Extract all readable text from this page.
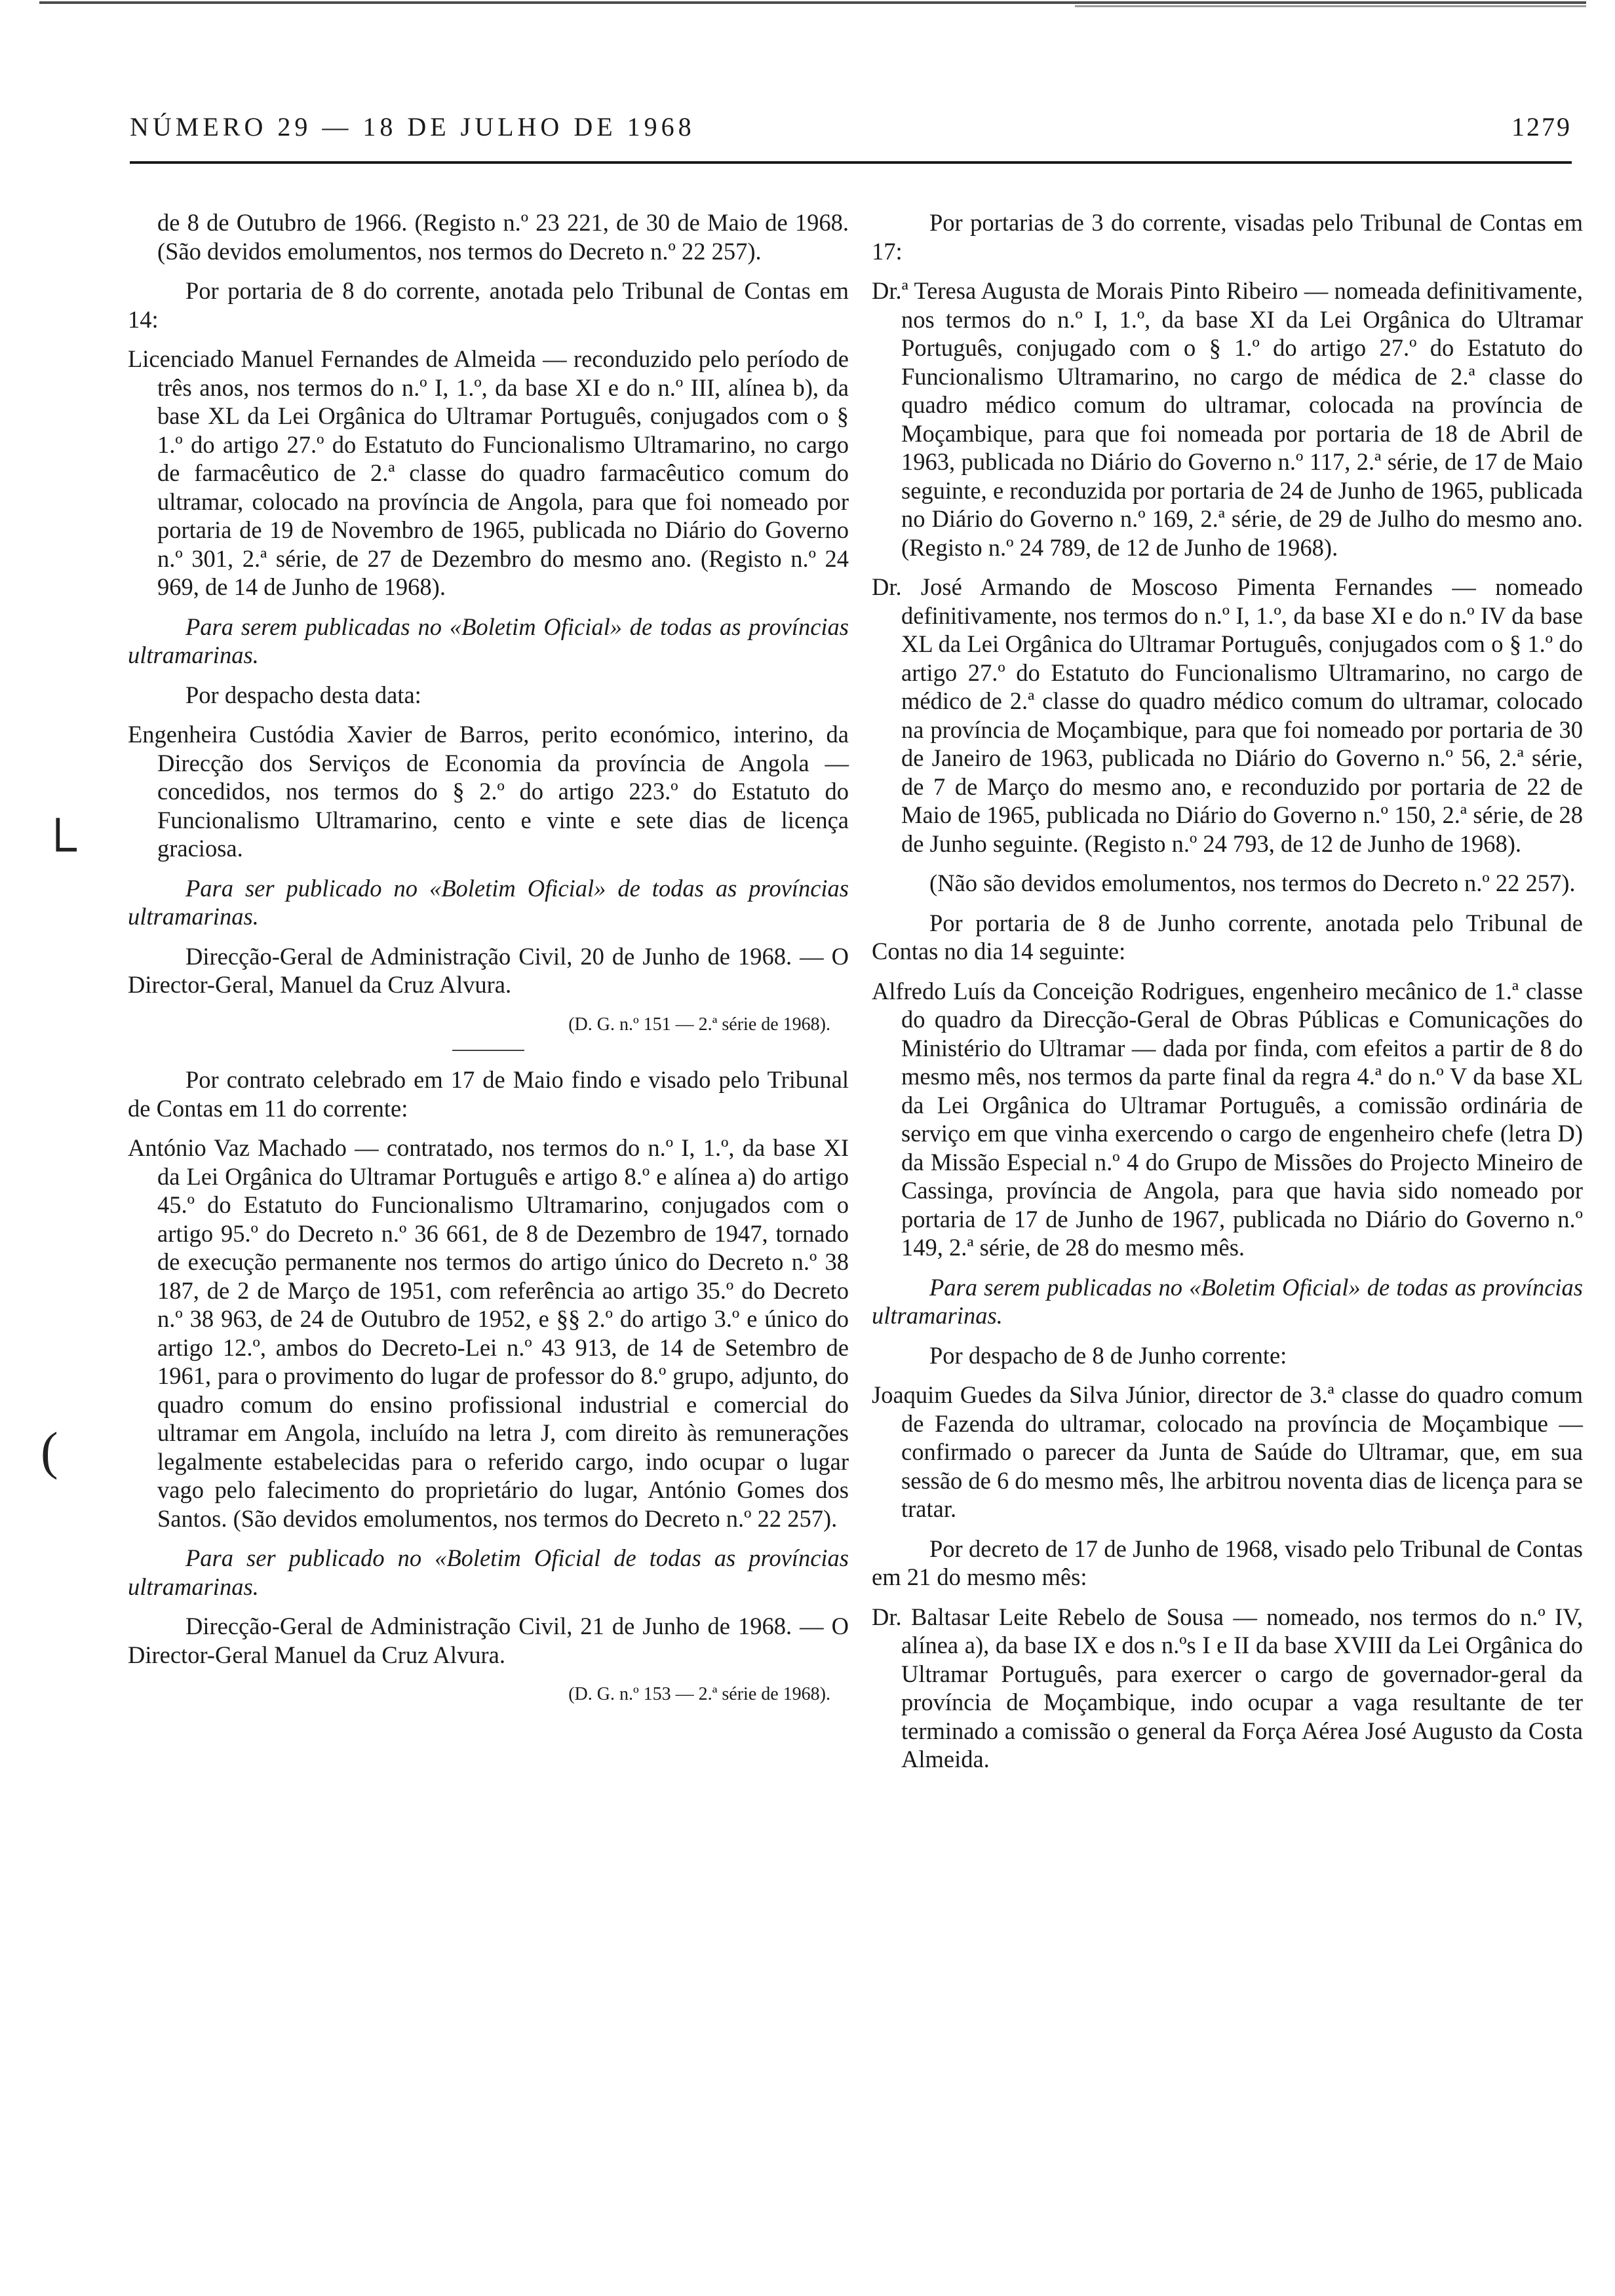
NÚMERO 29 — 18 DE JULHO DE 1968	1279
└
(

de 8 de Outubro de 1966. (Registo n.º 23 221, de 30 de Maio de 1968. (São devidos emolumentos, nos termos do Decreto n.º 22 257).

Por portaria de 8 do corrente, anotada pelo Tribunal de Contas em 14:

Licenciado Manuel Fernandes de Almeida — reconduzido pelo período de três anos, nos termos do n.º I, 1.º, da base XI e do n.º III, alínea b), da base XL da Lei Orgânica do Ultramar Português, conjugados com o § 1.º do artigo 27.º do Estatuto do Funcionalismo Ultramarino, no cargo de farmacêutico de 2.ª classe do quadro farmacêutico comum do ultramar, colocado na província de Angola, para que foi nomeado por portaria de 19 de Novembro de 1965, publicada no Diário do Governo n.º 301, 2.ª série, de 27 de Dezembro do mesmo ano. (Registo n.º 24 969, de 14 de Junho de 1968).

Para serem publicadas no «Boletim Oficial» de todas as províncias ultramarinas.

Por despacho desta data:

Engenheira Custódia Xavier de Barros, perito económico, interino, da Direcção dos Serviços de Economia da província de Angola — concedidos, nos termos do § 2.º do artigo 223.º do Estatuto do Funcionalismo Ultramarino, cento e vinte e sete dias de licença graciosa.

Para ser publicado no «Boletim Oficial» de todas as províncias ultramarinas.

Direcção-Geral de Administração Civil, 20 de Junho de 1968. — O Director-Geral, Manuel da Cruz Alvura.

(D. G. n.º 151 — 2.ª série de 1968).

Por contrato celebrado em 17 de Maio findo e visado pelo Tribunal de Contas em 11 do corrente:

António Vaz Machado — contratado, nos termos do n.º I, 1.º, da base XI da Lei Orgânica do Ultramar Português e artigo 8.º e alínea a) do artigo 45.º do Estatuto do Funcionalismo Ultramarino, conjugados com o artigo 95.º do Decreto n.º 36 661, de 8 de Dezembro de 1947, tornado de execução permanente nos termos do artigo único do Decreto n.º 38 187, de 2 de Março de 1951, com referência ao artigo 35.º do Decreto n.º 38 963, de 24 de Outubro de 1952, e §§ 2.º do artigo 3.º e único do artigo 12.º, ambos do Decreto-Lei n.º 43 913, de 14 de Setembro de 1961, para o provimento do lugar de professor do 8.º grupo, adjunto, do quadro comum do ensino profissional industrial e comercial do ultramar em Angola, incluído na letra J, com direito às remunerações legalmente estabelecidas para o referido cargo, indo ocupar o lugar vago pelo falecimento do proprietário do lugar, António Gomes dos Santos. (São devidos emolumentos, nos termos do Decreto n.º 22 257).

Para ser publicado no «Boletim Oficial de todas as províncias ultramarinas.

Direcção-Geral de Administração Civil, 21 de Junho de 1968. — O Director-Geral Manuel da Cruz Alvura.

(D. G. n.º 153 — 2.ª série de 1968).

Por portarias de 3 do corrente, visadas pelo Tribunal de Contas em 17:

Dr.ª Teresa Augusta de Morais Pinto Ribeiro — nomeada definitivamente, nos termos do n.º I, 1.º, da base XI da Lei Orgânica do Ultramar Português, conjugado com o § 1.º do artigo 27.º do Estatuto do Funcionalismo Ultramarino, no cargo de médica de 2.ª classe do quadro médico comum do ultramar, colocada na província de Moçambique, para que foi nomeada por portaria de 18 de Abril de 1963, publicada no Diário do Governo n.º 117, 2.ª série, de 17 de Maio seguinte, e reconduzida por portaria de 24 de Junho de 1965, publicada no Diário do Governo n.º 169, 2.ª série, de 29 de Julho do mesmo ano. (Registo n.º 24 789, de 12 de Junho de 1968).

Dr. José Armando de Moscoso Pimenta Fernandes — nomeado definitivamente, nos termos do n.º I, 1.º, da base XI e do n.º IV da base XL da Lei Orgânica do Ultramar Português, conjugados com o § 1.º do artigo 27.º do Estatuto do Funcionalismo Ultramarino, no cargo de médico de 2.ª classe do quadro médico comum do ultramar, colocado na província de Moçambique, para que foi nomeado por portaria de 30 de Janeiro de 1963, publicada no Diário do Governo n.º 56, 2.ª série, de 7 de Março do mesmo ano, e reconduzido por portaria de 22 de Maio de 1965, publicada no Diário do Governo n.º 150, 2.ª série, de 28 de Junho seguinte. (Registo n.º 24 793, de 12 de Junho de 1968).

(Não são devidos emolumentos, nos termos do Decreto n.º 22 257).

Por portaria de 8 de Junho corrente, anotada pelo Tribunal de Contas no dia 14 seguinte:

Alfredo Luís da Conceição Rodrigues, engenheiro mecânico de 1.ª classe do quadro da Direcção-Geral de Obras Públicas e Comunicações do Ministério do Ultramar — dada por finda, com efeitos a partir de 8 do mesmo mês, nos termos da parte final da regra 4.ª do n.º V da base XL da Lei Orgânica do Ultramar Português, a comissão ordinária de serviço em que vinha exercendo o cargo de engenheiro chefe (letra D) da Missão Especial n.º 4 do Grupo de Missões do Projecto Mineiro de Cassinga, província de Angola, para que havia sido nomeado por portaria de 17 de Junho de 1967, publicada no Diário do Governo n.º 149, 2.ª série, de 28 do mesmo mês.

Para serem publicadas no «Boletim Oficial» de todas as províncias ultramarinas.

Por despacho de 8 de Junho corrente:

Joaquim Guedes da Silva Júnior, director de 3.ª classe do quadro comum de Fazenda do ultramar, colocado na província de Moçambique — confirmado o parecer da Junta de Saúde do Ultramar, que, em sua sessão de 6 do mesmo mês, lhe arbitrou noventa dias de licença para se tratar.

Por decreto de 17 de Junho de 1968, visado pelo Tribunal de Contas em 21 do mesmo mês:

Dr. Baltasar Leite Rebelo de Sousa — nomeado, nos termos do n.º IV, alínea a), da base IX e dos n.ºs I e II da base XVIII da Lei Orgânica do Ultramar Português, para exercer o cargo de governador-geral da província de Moçambique, indo ocupar a vaga resultante de ter terminado a comissão o general da Força Aérea José Augusto da Costa Almeida.
